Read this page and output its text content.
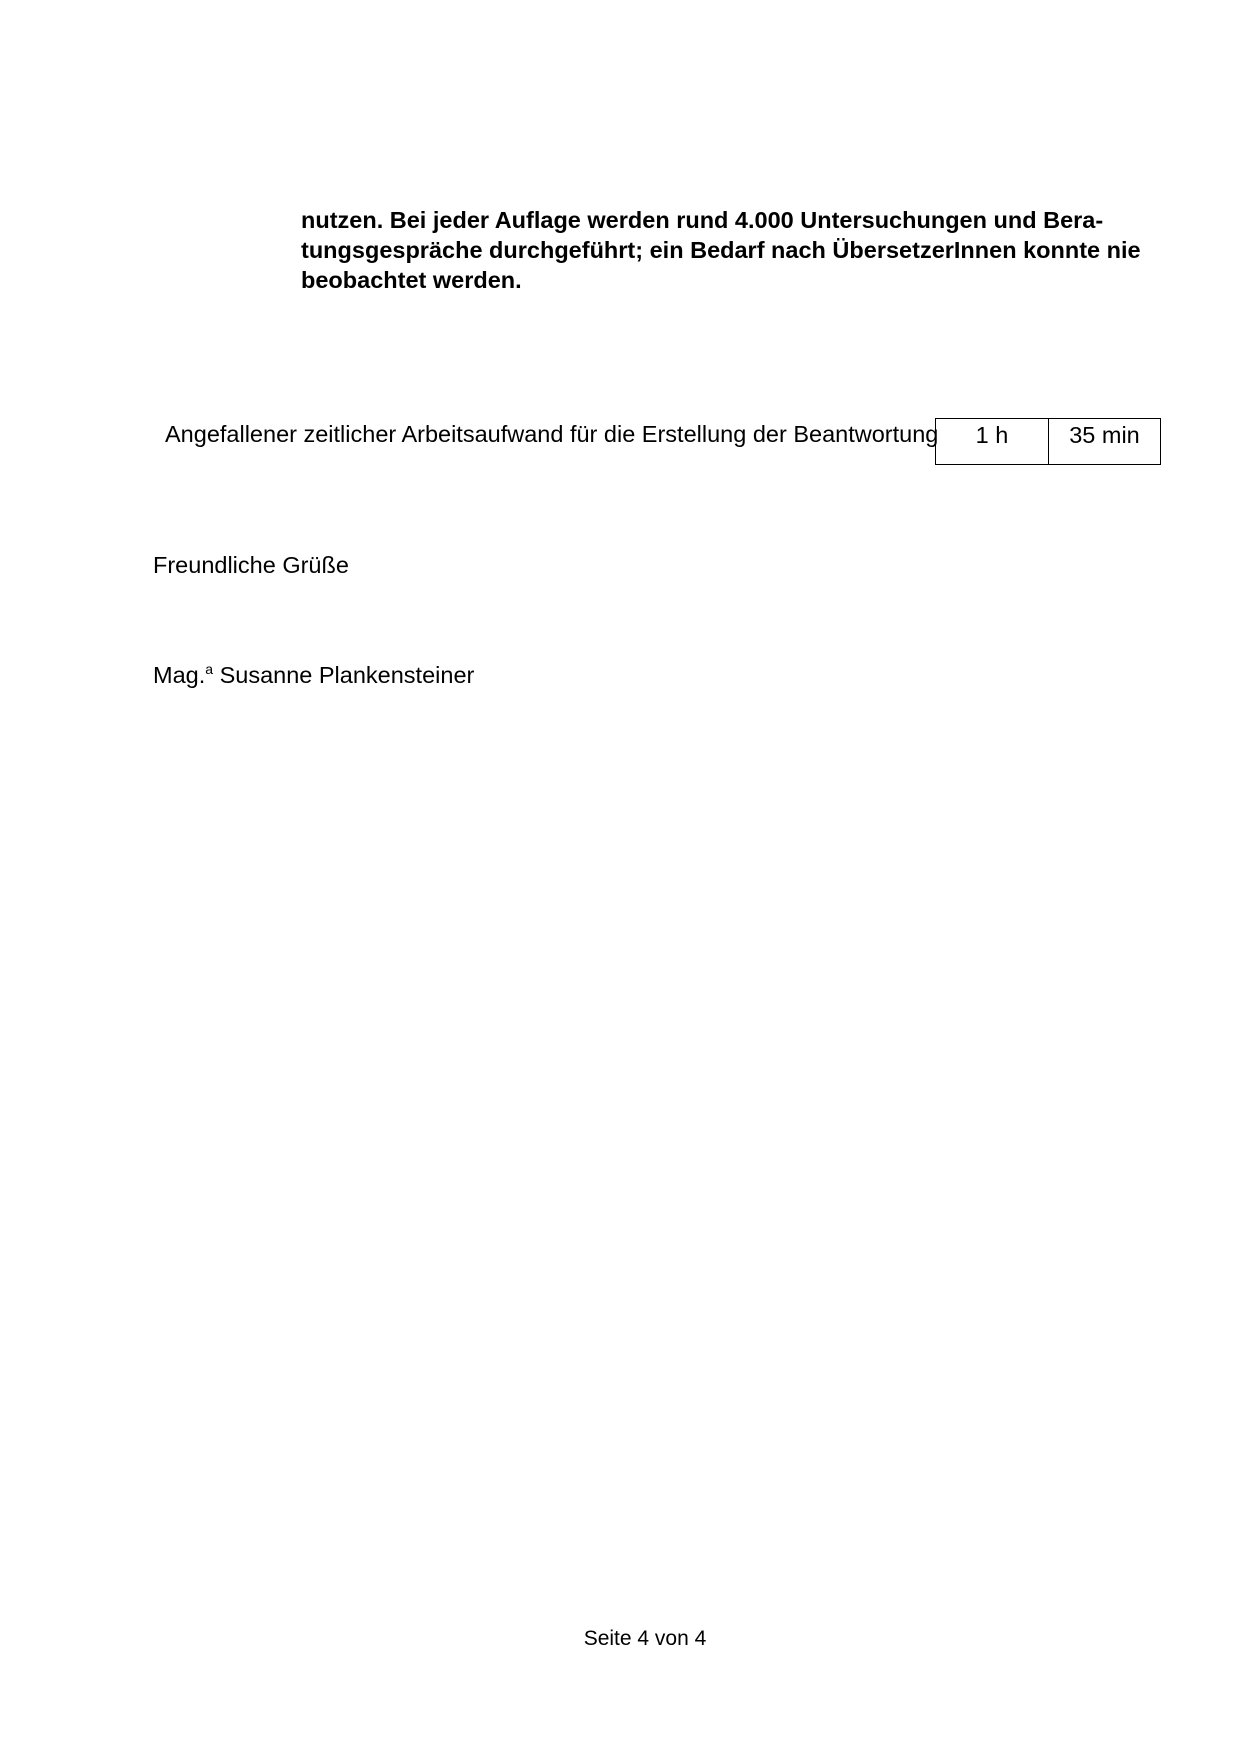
nutzen. Bei jeder Auflage werden rund 4.000 Untersuchungen und Bera-
tungsgespräche durchgeführt; ein Bedarf nach ÜbersetzerInnen konnte nie
beobachtet werden.
Angefallener zeitlicher Arbeitsaufwand für die Erstellung der Beantwortung 1 h	35 min
Freundliche Grüße
Mag.$^a$ Susanne Plankensteiner
Seite 4 von 4
